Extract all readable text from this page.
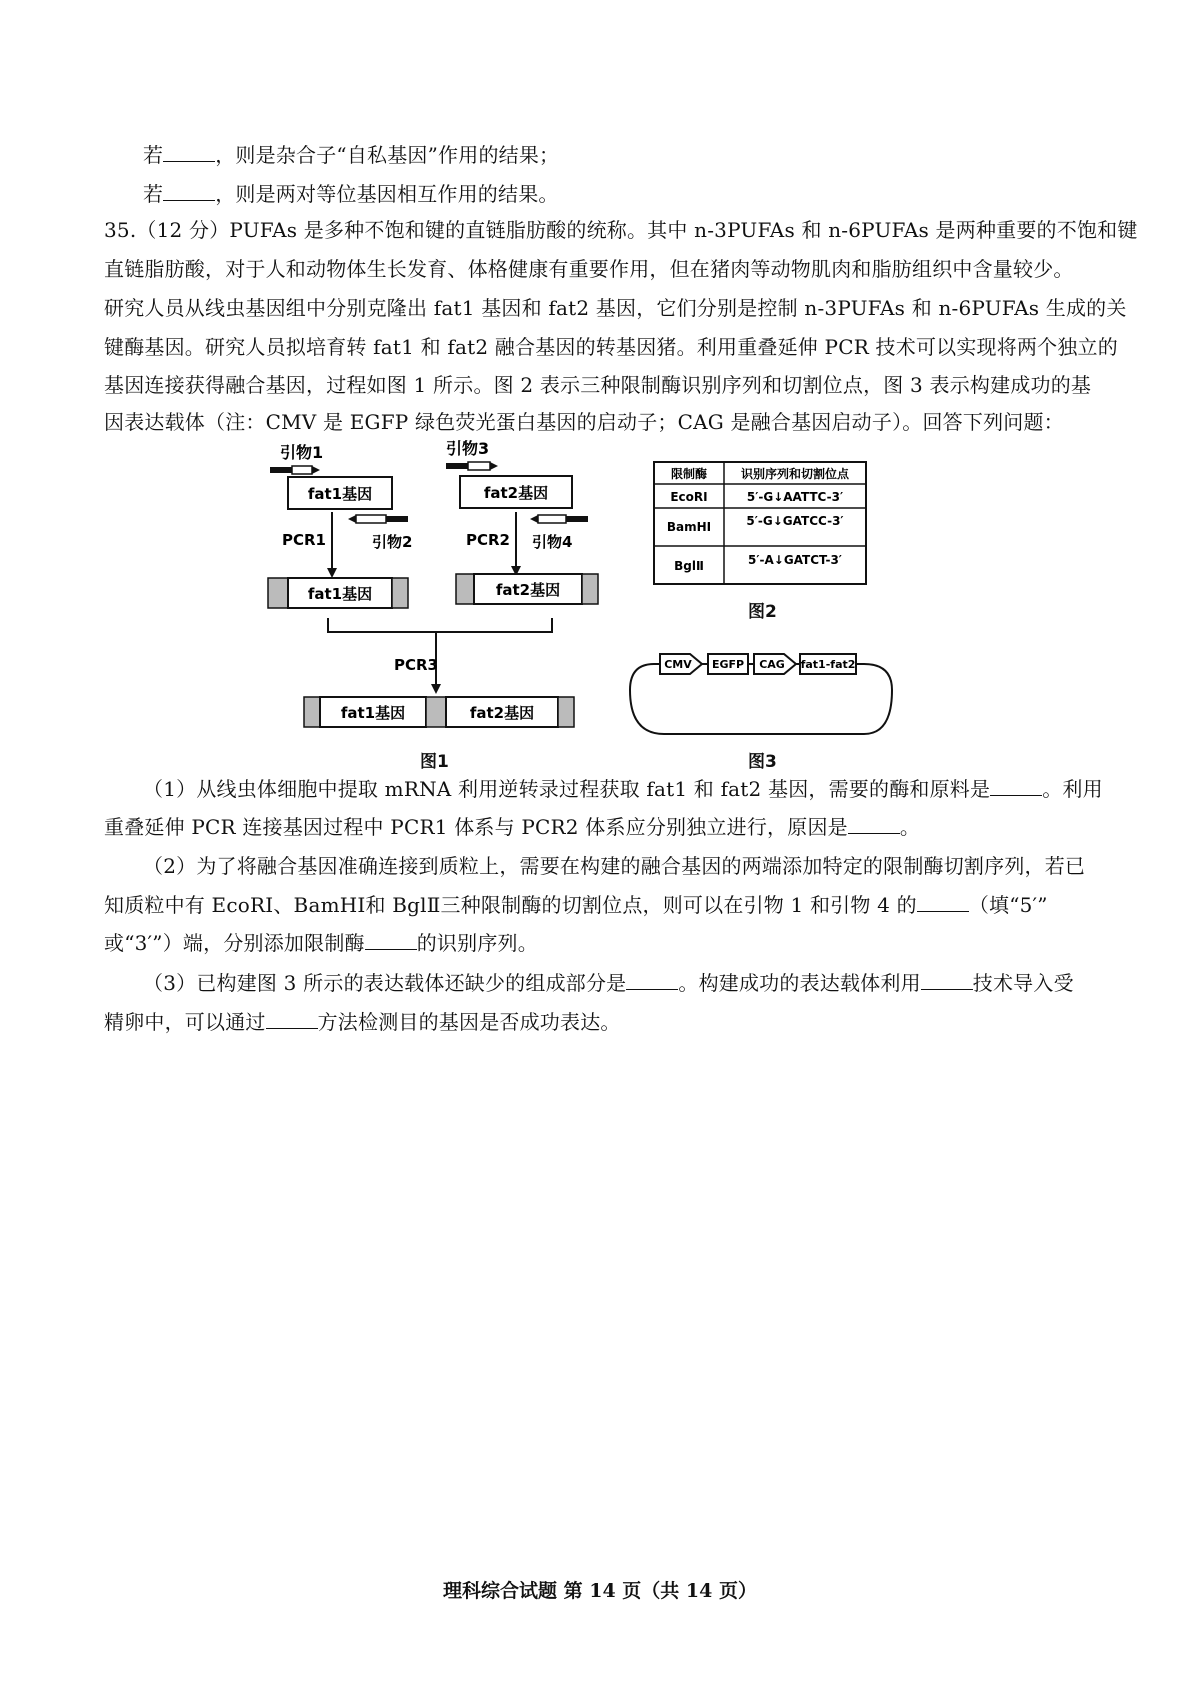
若	，则是杂合子“自私基因”作用的结果；
若	，则是两对等位基因相互作用的结果。
35.（12 分）PUFAs 是多种不饱和键的直链脂肪酸的统称。其中 n-3PUFAs 和 n-6PUFAs 是两种重要的不饱和键
直链脂肪酸，对于人和动物体生长发育、体格健康有重要作用，但在猪肉等动物肌肉和脂肪组织中含量较少。
研究人员从线虫基因组中分别克隆出 fat1 基因和 fat2 基因，它们分别是控制 n-3PUFAs 和 n-6PUFAs 生成的关
键酶基因。研究人员拟培育转 fat1 和 fat2 融合基因的转基因猪。利用重叠延伸 PCR 技术可以实现将两个独立的
基因连接获得融合基因，过程如图 1 所示。图 2 表示三种限制酶识别序列和切割位点，图 3 表示构建成功的基
因表达载体（注：CMV 是 EGFP 绿色荧光蛋白基因的启动子；CAG 是融合基因启动子）。回答下列问题：
引物1
fat1基因
PCR1	引物2
fat1基因
引物3
fat2基因
PCR2 引物4
fat2基因
PCR3
fat1基因	fat2基因
图1
限制酶	识别序列和切割位点
EcoRⅠ	5′-G↓AATTC-3′
BamHⅠ	5′-G↓GATCC-3′
BglⅡ	5′-A↓GATCT-3′
图2
CMV EGFP CAG fat1-fat2
图3
（1）从线虫体细胞中提取 mRNA 利用逆转录过程获取 fat1 和 fat2 基因，需要的酶和原料是	。利用
重叠延伸 PCR 连接基因过程中 PCR1 体系与 PCR2 体系应分别独立进行，原因是	。
（2）为了将融合基因准确连接到质粒上，需要在构建的融合基因的两端添加特定的限制酶切割序列，若已
知质粒中有 EcoRⅠ、BamHⅠ和 BglⅡ三种限制酶的切割位点，则可以在引物 1 和引物 4 的	（填“5′”
或“3′”）端，分别添加限制酶	的识别序列。
（3）已构建图 3 所示的表达载体还缺少的组成部分是	。构建成功的表达载体利用	技术导入受
精卵中，可以通过	方法检测目的基因是否成功表达。
理科综合试题 第 14 页（共 14 页）
